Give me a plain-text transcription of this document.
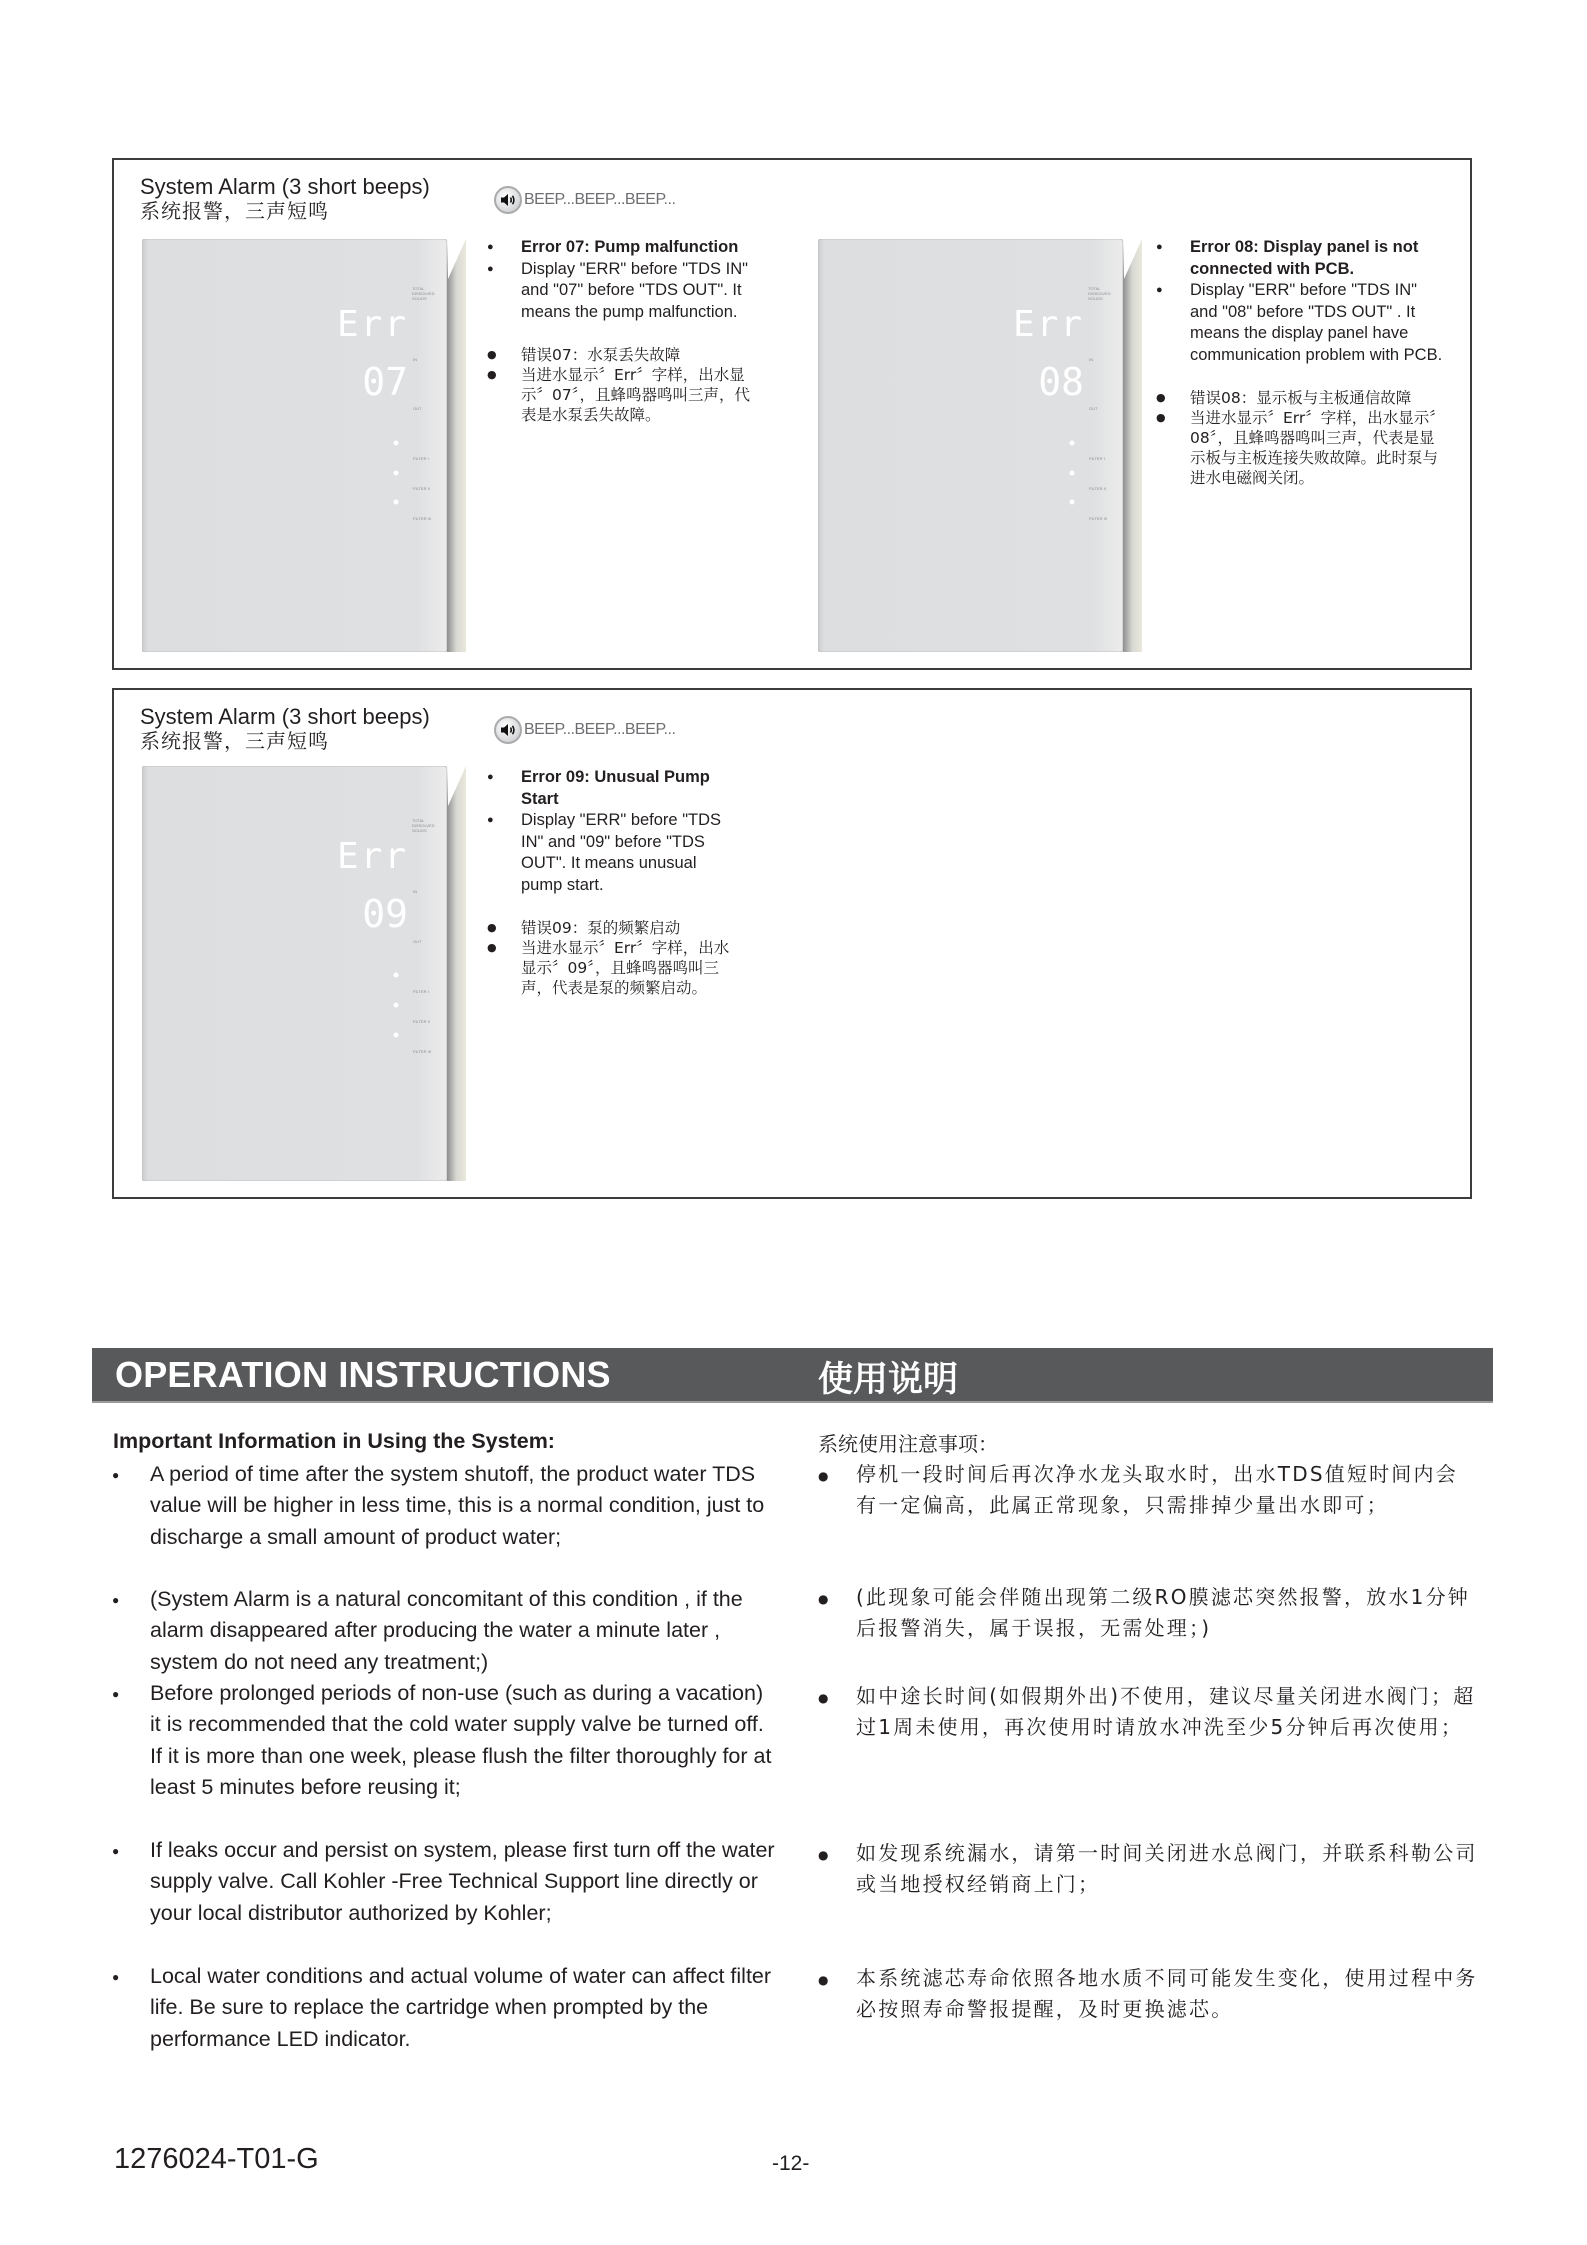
System Alarm (3 short beeps)
系统报警，三声短鸣	BEEP...BEEP...BEEP...
TOTAL
DISSOLVED
SOLIDS
IN
OUT
FILTER I
FILTER II
FILTER III
Err
07
● Error 07: Pump malfunction
● Display "ERR" before "TDS IN" and "07" before "TDS OUT". It means the pump malfunction.
● 错误07：水泵丢失故障
● 当进水显示〞Err〞字样，出水显示〞07〞，且蜂鸣器鸣叫三声，代表是水泵丢失故障。
TOTAL
DISSOLVED
SOLIDS
IN
OUT
FILTER I
FILTER II
FILTER III
Err
08
● Error 08: Display panel is not connected with PCB.
● Display "ERR" before "TDS IN" and "08" before "TDS OUT" . It means the display panel have communication problem with PCB.
● 错误08：显示板与主板通信故障
● 当进水显示〞Err〞字样，出水显示〞08〞，且蜂鸣器鸣叫三声，代表是显示板与主板连接失败故障。此时泵与进水电磁阀关闭。
System Alarm (3 short beeps)
系统报警，三声短鸣	BEEP...BEEP...BEEP...
TOTAL
DISSOLVED
SOLIDS
IN
OUT
FILTER I
FILTER II
FILTER III
Err
09
● Error 09: Unusual Pump Start
● Display "ERR" before "TDS IN" and "09" before "TDS OUT". It means unusual pump start.
● 错误09：泵的频繁启动
● 当进水显示〞Err〞字样，出水显示〞09〞，且蜂鸣器鸣叫三声，代表是泵的频繁启动。
OPERATION INSTRUCTIONS	使用说明
Important Information in Using the System:
● A period of time after the system shutoff, the product water TDS value will be higher in less time, this is a normal condition, just to discharge a small amount of product water;
● (System Alarm is a natural concomitant of this condition , if the alarm disappeared after producing the water a minute later , system do not need any treatment;)
● Before prolonged periods of non-use (such as during a vacation) it is recommended that the cold water supply valve be turned off. If it is more than one week, please flush the filter thoroughly for at least 5 minutes before reusing it;
● If leaks occur and persist on system, please first turn off the water supply valve. Call Kohler -Free Technical Support line directly or your local distributor authorized by Kohler;
● Local water conditions and actual volume of water can affect filter life. Be sure to replace the cartridge when prompted by the performance LED indicator.
系统使用注意事项：
● 停机一段时间后再次净水龙头取水时，出水TDS值短时间内会有一定偏高，此属正常现象，只需排掉少量出水即可；
● (此现象可能会伴随出现第二级RO膜滤芯突然报警，放水1分钟后报警消失，属于误报，无需处理；)
● 如中途长时间(如假期外出)不使用，建议尽量关闭进水阀门；超过1周未使用，再次使用时请放水冲洗至少5分钟后再次使用；
● 如发现系统漏水，请第一时间关闭进水总阀门，并联系科勒公司或当地授权经销商上门；
● 本系统滤芯寿命依照各地水质不同可能发生变化，使用过程中务必按照寿命警报提醒，及时更换滤芯。
1276024-T01-G	-12-
